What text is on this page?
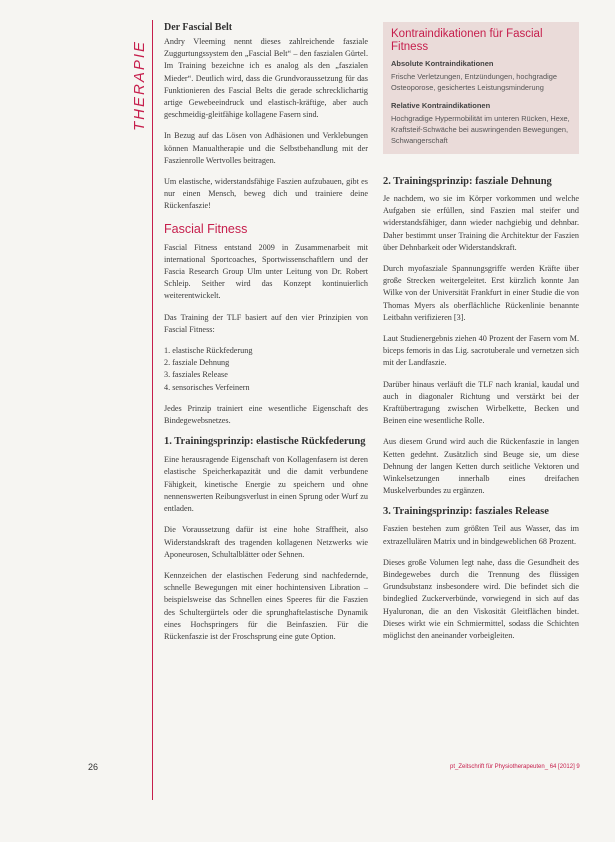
THERAPIE
Der Fascial Belt

Andry Vleeming nennt dieses zahlreichende fasziale Zuggurtungssystem den „Fascial Belt“ – den faszialen Gürtel. Im Training bezeichne ich es analog als den „faszialen Mieder“. Deutlich wird, dass die Grundvoraussetzung für das Funktionieren des Fascial Belts die gerade schrecklichartig artige Gewebeeindruck und elastisch-kräftige, aber auch geschmeidig-gleitfähige kollagene Fasern sind.

In Bezug auf das Lösen von Adhäsionen und Verklebungen können Manualtherapie und die Selbstbehandlung mit der Faszienrolle Wertvolles beitragen.

Um elastische, widerstandsfähige Faszien aufzubauen, gibt es nur einen Mensch, beweg dich und trainiere deine Rückenfaszie!

Fascial Fitness

Fascial Fitness entstand 2009 in Zusammenarbeit mit international Sportcoaches, Sportwissenschaftlern und der Fascia Research Group Ulm unter Leitung von Dr. Robert Schleip. Seither wird das Konzept kontinuierlich weiterentwickelt.

Das Training der TLF basiert auf den vier Prinzipien von Fascial Fitness:

1. elastische Rückfederung
2. fasziale Dehnung
3. fasziales Release
4. sensorisches Verfeinern

Jedes Prinzip trainiert eine wesentliche Eigenschaft des Bindegewebsnetzes.

1. Trainingsprinzip: elastische Rückfederung

Eine herausragende Eigenschaft von Kollagenfasern ist deren elastische Speicherkapazität und die damit verbundene Fähigkeit, kinetische Energie zu speichern und ohne nennenswerten Reibungsverlust in einen Sprung oder Wurf zu entladen.

Die Voraussetzung dafür ist eine hohe Straffheit, also Widerstandskraft des tragenden kollagenen Netzwerks wie Aponeurosen, Schultalblätter oder Sehnen.

Kennzeichen der elastischen Federung sind nachfedernde, schnelle Bewegungen mit einer hochintensiven Libration – beispielsweise das Schnellen eines Speeres für die Faszien des Schultergürtels oder die sprunghaftelastische Dynamik eines Hochspringers für die Beinfaszien. Für die Rückenfaszie ist der Froschsprung eine gute Option.

Kontraindikationen für Fascial Fitness
Absolute Kontraindikationen

Frische Verletzungen, Entzündungen, hochgradige Osteoporose, gesichertes Leistungsminderung

Relative Kontraindikationen

Hochgradige Hypermobilität im unteren Rücken, Hexe, Kraftsteif-Schwäche bei auswringenden Bewegungen, Schwangerschaft

2. Trainingsprinzip: fasziale Dehnung

Je nachdem, wo sie im Körper vorkommen und welche Aufgaben sie erfüllen, sind Faszien mal steifer und widerstandsfähiger, dann wieder nachgiebig und dehnbar. Daher bestimmt unser Training die Architektur der Faszien über Dehnbarkeit oder Widerstandskraft.

Durch myofasziale Spannungsgriffe werden Kräfte über große Strecken weitergeleitet. Erst kürzlich konnte Jan Wilke von der Universität Frankfurt in einer Studie die von Thomas Myers als oberflächliche Rückenlinie benannte Leitbahn verifizieren [3].

Laut Studienergebnis ziehen 40 Prozent der Fasern vom M. biceps femoris in das Lig. sacrotuberale und vernetzen sich mit der Landfaszie.

Darüber hinaus verläuft die TLF nach kranial, kaudal und auch in diagonaler Richtung und verstärkt bei der Kraftübertragung zwischen Wirbelkette, Becken und Beinen eine wesentliche Rolle.

Aus diesem Grund wird auch die Rückenfaszie in langen Ketten gedehnt. Zusätzlich sind Beuge sie, um diese Dehnung der langen Ketten durch seitliche Vektoren und Winkelsetzungen innerhalb eines dreifachen Muskelverbundes zu ergänzen.

3. Trainingsprinzip: fasziales Release

Faszien bestehen zum größten Teil aus Wasser, das im extrazellulären Matrix und in bindgeweblichen 68 Prozent.

Dieses große Volumen legt nahe, dass die Gesundheit des Bindegewebes durch die Trennung des flüssigen Grundsubstanz insbesondere wird. Die befindet sich die bindeglied Zuckerverbünde, vorwiegend in sich auf das Hyaluronan, die an den Viskosität Gleitflächen bindet. Dieses wirkt wie ein Schmiermittel, sodass die Schichten möglichst den aneinander vorbeigleiten.

26	pt_Zeitschrift für Physiotherapeuten_ 64 [2012] 9
